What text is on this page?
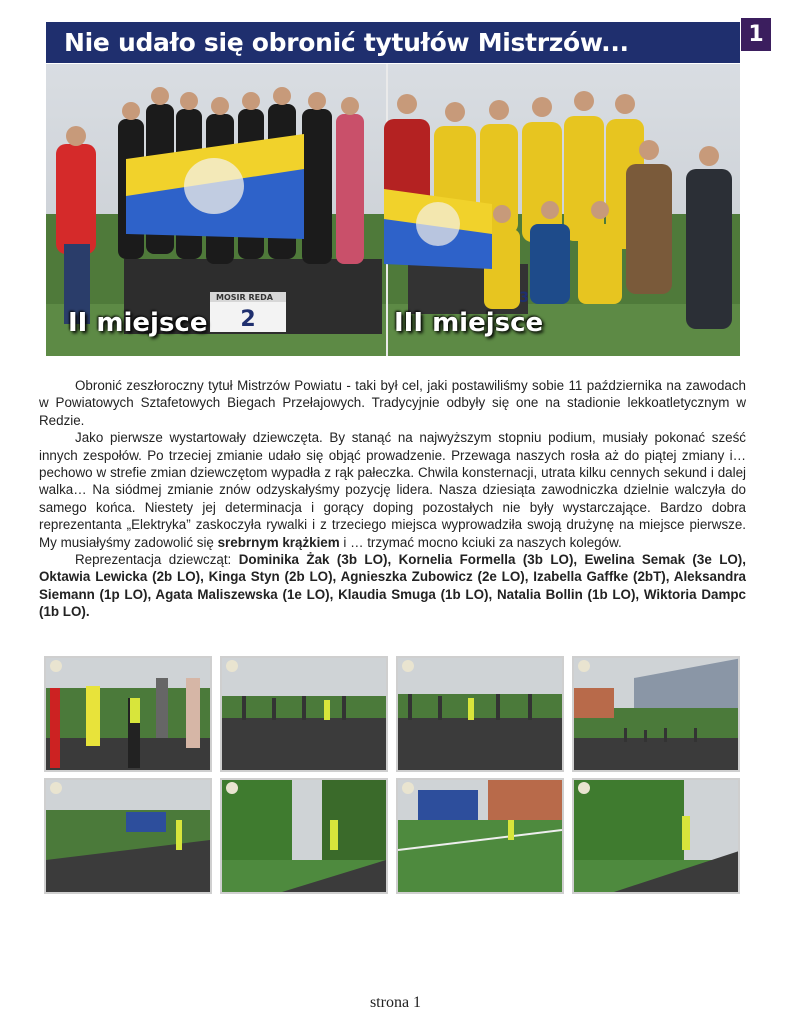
Nie udało się obronić tytułów Mistrzów...	1
MOSIR REDA
2
3
II miejsce	III miejsce

Obronić zeszłoroczny tytuł Mistrzów Powiatu - taki był cel, jaki postawiliśmy sobie 11 października na zawodach w Powiatowych Sztafetowych Biegach Przełajowych. Tradycyjnie odbyły się one na stadionie lekkoatletycznym w Redzie.

Jako pierwsze wystartowały dziewczęta. By stanąć na najwyższym stopniu podium, musiały pokonać sześć innych zespołów. Po trzeciej zmianie udało się objąć prowadzenie. Przewaga naszych rosła aż do piątej zmiany i… pechowo w strefie zmian dziewczętom wypadła z rąk pałeczka. Chwila konsternacji, utrata kilku cennych sekund i dalej walka… Na siódmej zmianie znów odzyskałyśmy pozycję lidera. Nasza dziesiąta zawodniczka dzielnie walczyła do samego końca. Niestety jej determinacja i gorący doping pozostałych nie były wystarczające. Bardzo dobra reprezentanta „Elektryka” zaskoczyła rywalki i z trzeciego miejsca wyprowadziła swoją drużynę na miejsce pierwsze. My musiałyśmy zadowolić się srebrnym krążkiem i … trzymać mocno kciuki za naszych kolegów.

Reprezentacja dziewcząt: Dominika Żak (3b LO), Kornelia Formella (3b LO), Ewelina Semak (3e LO), Oktawia Lewicka (2b LO), Kinga Styn (2b LO), Agnieszka Zubowicz (2e LO), Izabella Gaffke (2bT), Aleksandra Siemann (1p LO), Agata Maliszewska (1e LO), Klaudia Smuga (1b LO), Natalia Bollin (1b LO), Wiktoria Dampc (1b LO).

strona 1
